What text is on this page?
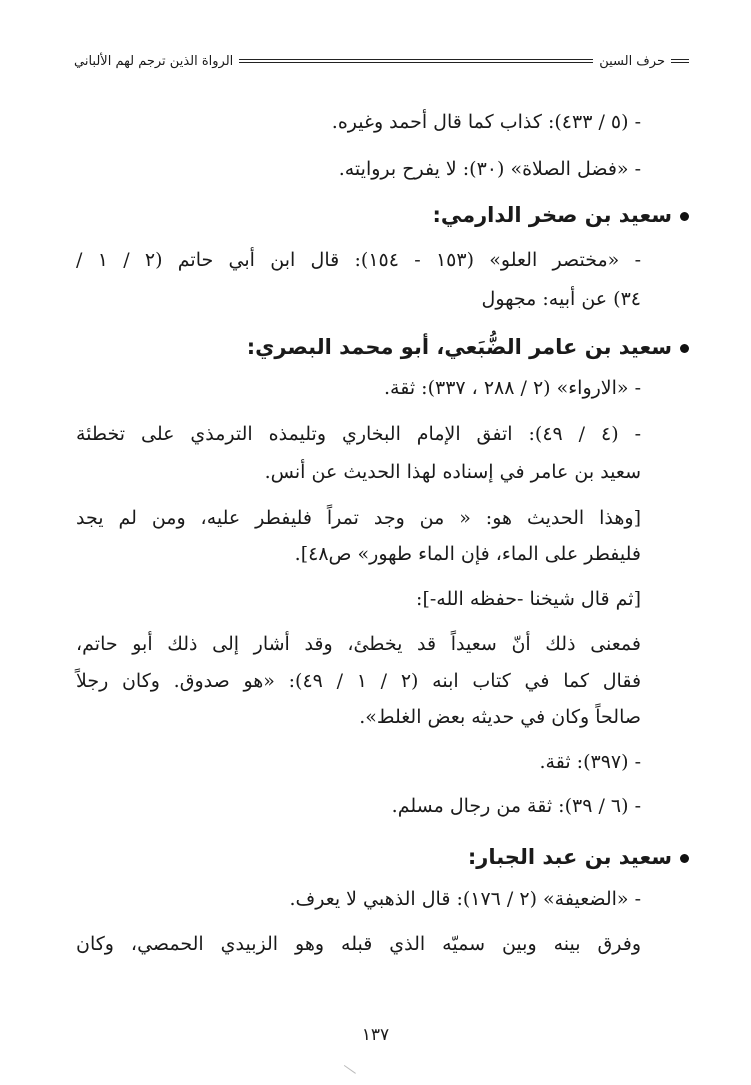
حرف السين
الرواة الذين ترجم لهم الألباني
- (٥ / ٤٣٣): كذاب كما قال أحمد وغيره.
- «فضل الصلاة» (٣٠): لا يفرح بروايته.
سعيد بن صخر الدارمي:
- «مختصر العلو» (١٥٣ - ١٥٤): قال ابن أبي حاتم (٢ / ١ /
٣٤) عن أبيه: مجهول
سعيد بن عامر الضُّبَعي، أبو محمد البصري:
- «الارواء» (٢ / ٢٨٨ ، ٣٣٧): ثقة.
- (٤ / ٤٩): اتفق الإمام البخاري وتليمذه الترمذي على تخطئة
سعيد بن عامر في إسناده لهذا الحديث عن أنس.
[وهذا الحديث هو: « من وجد تمراً فليفطر عليه، ومن لم يجد
فليفطر على الماء، فإن الماء طهور» ص٤٨].
[ثم قال شيخنا -حفظه الله-]:
فمعنى ذلك أنّ سعيداً قد يخطئ، وقد أشار إلى ذلك أبو حاتم،
فقال كما في كتاب ابنه (٢ / ١ / ٤٩): «هو صدوق. وكان رجلاً
صالحاً وكان في حديثه بعض الغلط».
- (٣٩٧): ثقة.
- (٦ / ٣٩): ثقة من رجال مسلم.
سعيد بن عبد الجبار:
- «الضعيفة» (٢ / ١٧٦): قال الذهبي لا يعرف.
وفرق بينه وبين سميّه الذي قبله وهو الزبيدي الحمصي، وكان
١٣٧
